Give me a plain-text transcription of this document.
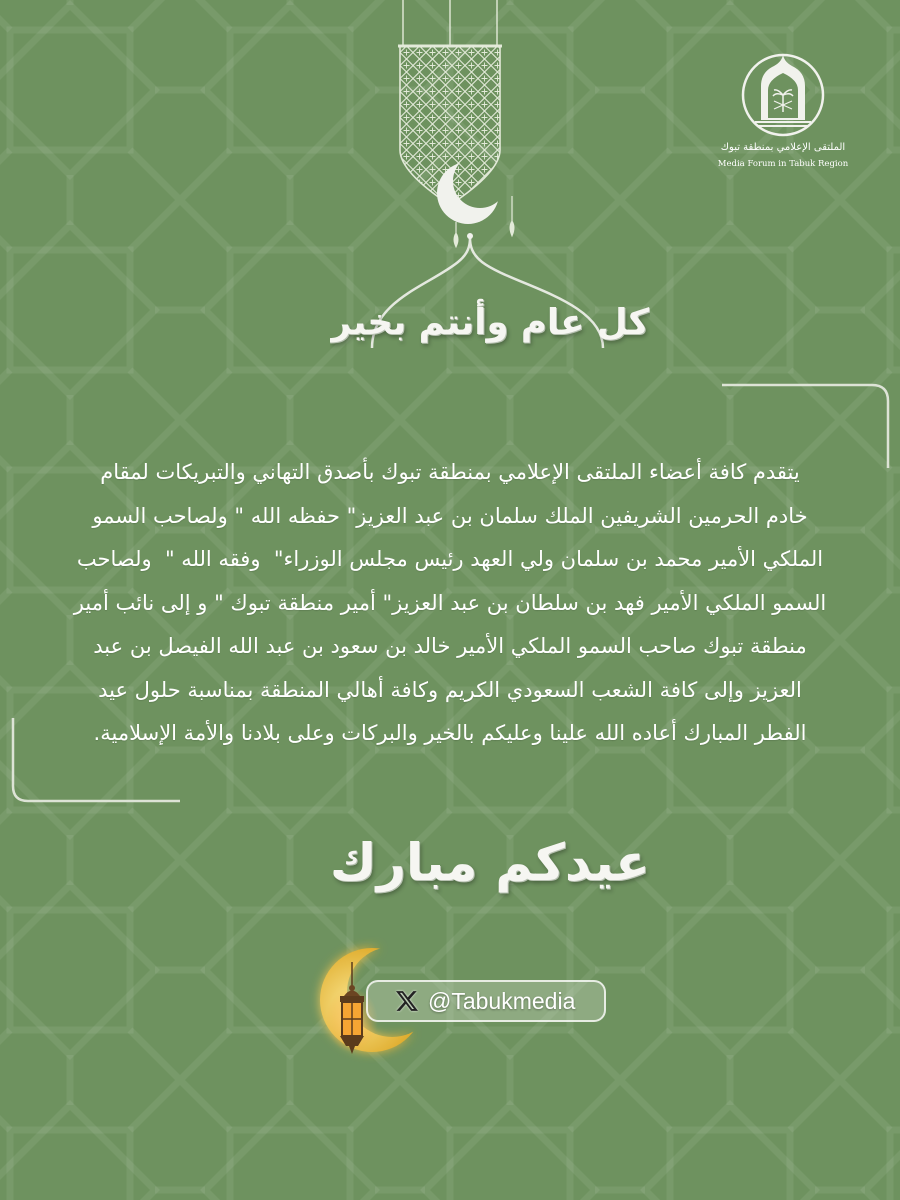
الملتقى الإعلامي بمنطقة تبوك
Media Forum in Tabuk Region
كل عام وأنتم بخير
يتقدم كافة أعضاء الملتقى الإعلامي بمنطقة تبوك بأصدق التهاني والتبريكات لمقام
خادم الحرمين الشريفين الملك سلمان بن عبد العزيز" حفظه الله " ولصاحب السمو
الملكي الأمير محمد بن سلمان ولي العهد رئيس مجلس الوزراء"  وفقه الله "  ولصاحب
السمو الملكي الأمير فهد بن سلطان بن عبد العزيز" أمير منطقة تبوك " و إلى نائب أمير
منطقة تبوك صاحب السمو الملكي الأمير خالد بن سعود بن عبد الله الفيصل بن عبد
العزيز وإلى كافة الشعب السعودي الكريم وكافة أهالي المنطقة بمناسبة حلول عيد
الفطر المبارك أعاده الله علينا وعليكم بالخير والبركات وعلى بلادنا والأمة الإسلامية.
عيدكم مبارك
@Tabukmedia
